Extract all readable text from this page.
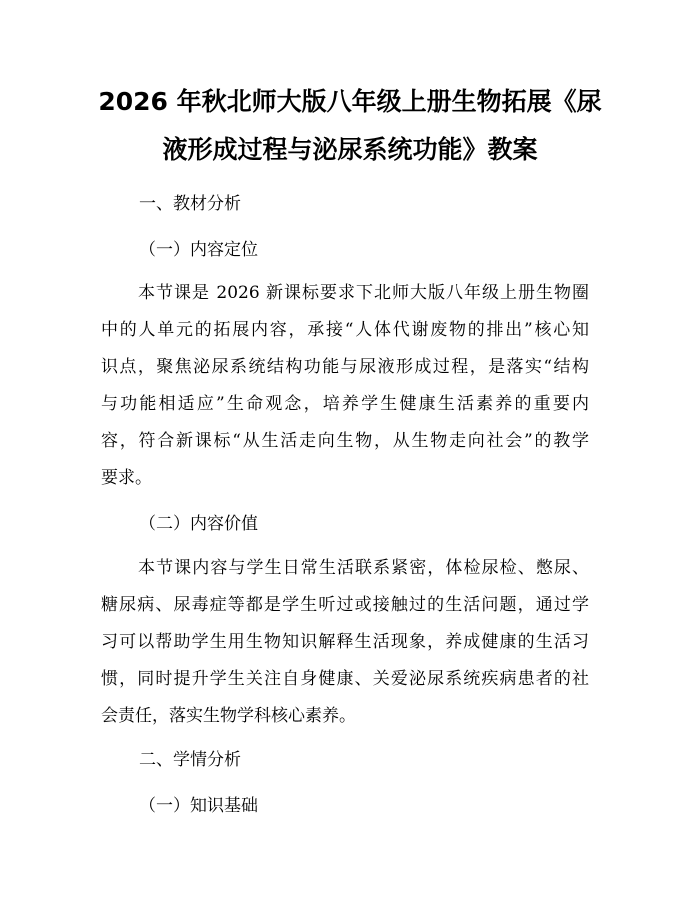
2026 年秋北师大版八年级上册生物拓展《尿
液形成过程与泌尿系统功能》教案

一、教材分析

（一）内容定位

本节课是 2026 新课标要求下北师大版八年级上册生物圈
中的人单元的拓展内容，承接“人体代谢废物的排出”核心知
识点，聚焦泌尿系统结构功能与尿液形成过程，是落实“结构
与功能相适应”生命观念，培养学生健康生活素养的重要内
容，符合新课标“从生活走向生物，从生物走向社会”的教学
要求。

（二）内容价值

本节课内容与学生日常生活联系紧密，体检尿检、憋尿、
糖尿病、尿毒症等都是学生听过或接触过的生活问题，通过学
习可以帮助学生用生物知识解释生活现象，养成健康的生活习
惯，同时提升学生关注自身健康、关爱泌尿系统疾病患者的社
会责任，落实生物学科核心素养。

二、学情分析

（一）知识基础
